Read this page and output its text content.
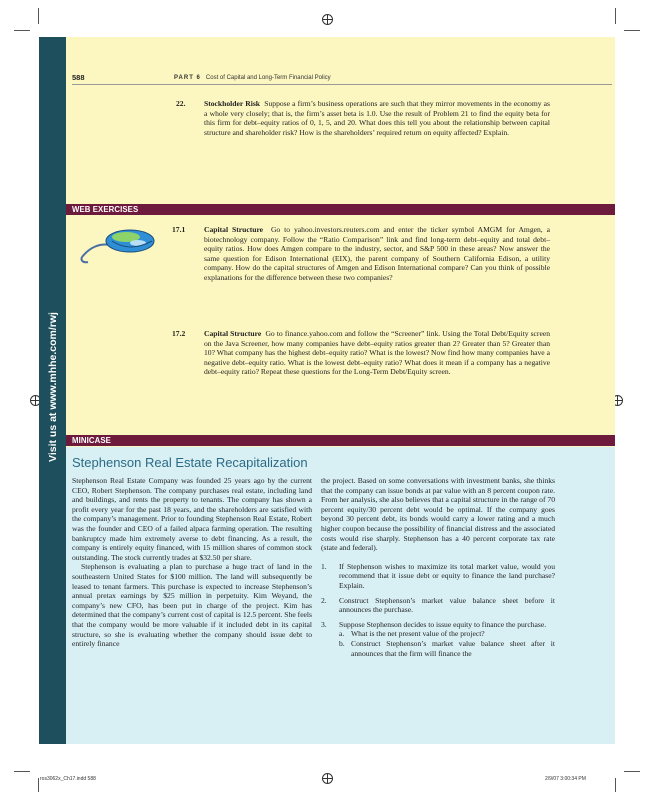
Visit us at www.mhhe.com/rwj
588	PART 6 Cost of Capital and Long-Term Financial Policy
22. Stockholder Risk Suppose a firm’s business operations are such that they mirror movements in the economy as a whole very closely; that is, the firm’s asset beta is 1.0. Use the result of Problem 21 to find the equity beta for this firm for debt–equity ratios of 0, 1, 5, and 20. What does this tell you about the relationship between capital structure and shareholder risk? How is the shareholders’ required return on equity affected? Explain.
WEB EXERCISES
17.1 Capital Structure Go to yahoo.investors.reuters.com and enter the ticker symbol AMGM for Amgen, a biotechnology company. Follow the “Ratio Comparison” link and find long-term debt–equity and total debt–equity ratios. How does Amgen compare to the industry, sector, and S&P 500 in these areas? Now answer the same question for Edison International (EIX), the parent company of Southern California Edison, a utility company. How do the capital structures of Amgen and Edison International compare? Can you think of possible explanations for the difference between these two companies?
17.2 Capital Structure Go to finance.yahoo.com and follow the “Screener” link. Using the Total Debt/Equity screen on the Java Screener, how many companies have debt–equity ratios greater than 2? Greater than 5? Greater than 10? What company has the highest debt–equity ratio? What is the lowest? Now find how many companies have a negative debt–equity ratio. What is the lowest debt–equity ratio? What does it mean if a company has a negative debt–equity ratio? Repeat these questions for the Long-Term Debt/Equity screen.
MINICASE
Stephenson Real Estate Recapitalization
Stephenson Real Estate Company was founded 25 years ago by the current CEO, Robert Stephenson. The company purchases real estate, including land and buildings, and rents the property to tenants. The company has shown a profit every year for the past 18 years, and the shareholders are satisfied with the company’s management. Prior to founding Stephenson Real Estate, Robert was the founder and CEO of a failed alpaca farming operation. The resulting bankruptcy made him extremely averse to debt financing. As a result, the company is entirely equity financed, with 15 million shares of common stock outstanding. The stock currently trades at $32.50 per share.
Stephenson is evaluating a plan to purchase a huge tract of land in the southeastern United States for $100 million. The land will subsequently be leased to tenant farmers. This purchase is expected to increase Stephenson’s annual pretax earnings by $25 million in perpetuity. Kim Weyand, the company’s new CFO, has been put in charge of the project. Kim has determined that the company’s current cost of capital is 12.5 percent. She feels that the company would be more valuable if it included debt in its capital structure, so she is evaluating whether the company should issue debt to entirely finance
the project. Based on some conversations with investment banks, she thinks that the company can issue bonds at par value with an 8 percent coupon rate. From her analysis, she also believes that a capital structure in the range of 70 percent equity/30 percent debt would be optimal. If the company goes beyond 30 percent debt, its bonds would carry a lower rating and a much higher coupon because the possibility of financial distress and the associated costs would rise sharply. Stephenson has a 40 percent corporate tax rate (state and federal).
1. If Stephenson wishes to maximize its total market value, would you recommend that it issue debt or equity to finance the land purchase? Explain.
2. Construct Stephenson’s market value balance sheet before it announces the purchase.
3. Suppose Stephenson decides to issue equity to finance the purchase.
a. What is the net present value of the project?
b. Construct Stephenson’s market value balance sheet after it announces that the firm will finance the
ros3062x_Ch17.indd 588	2/9/07 3:00:34 PM
